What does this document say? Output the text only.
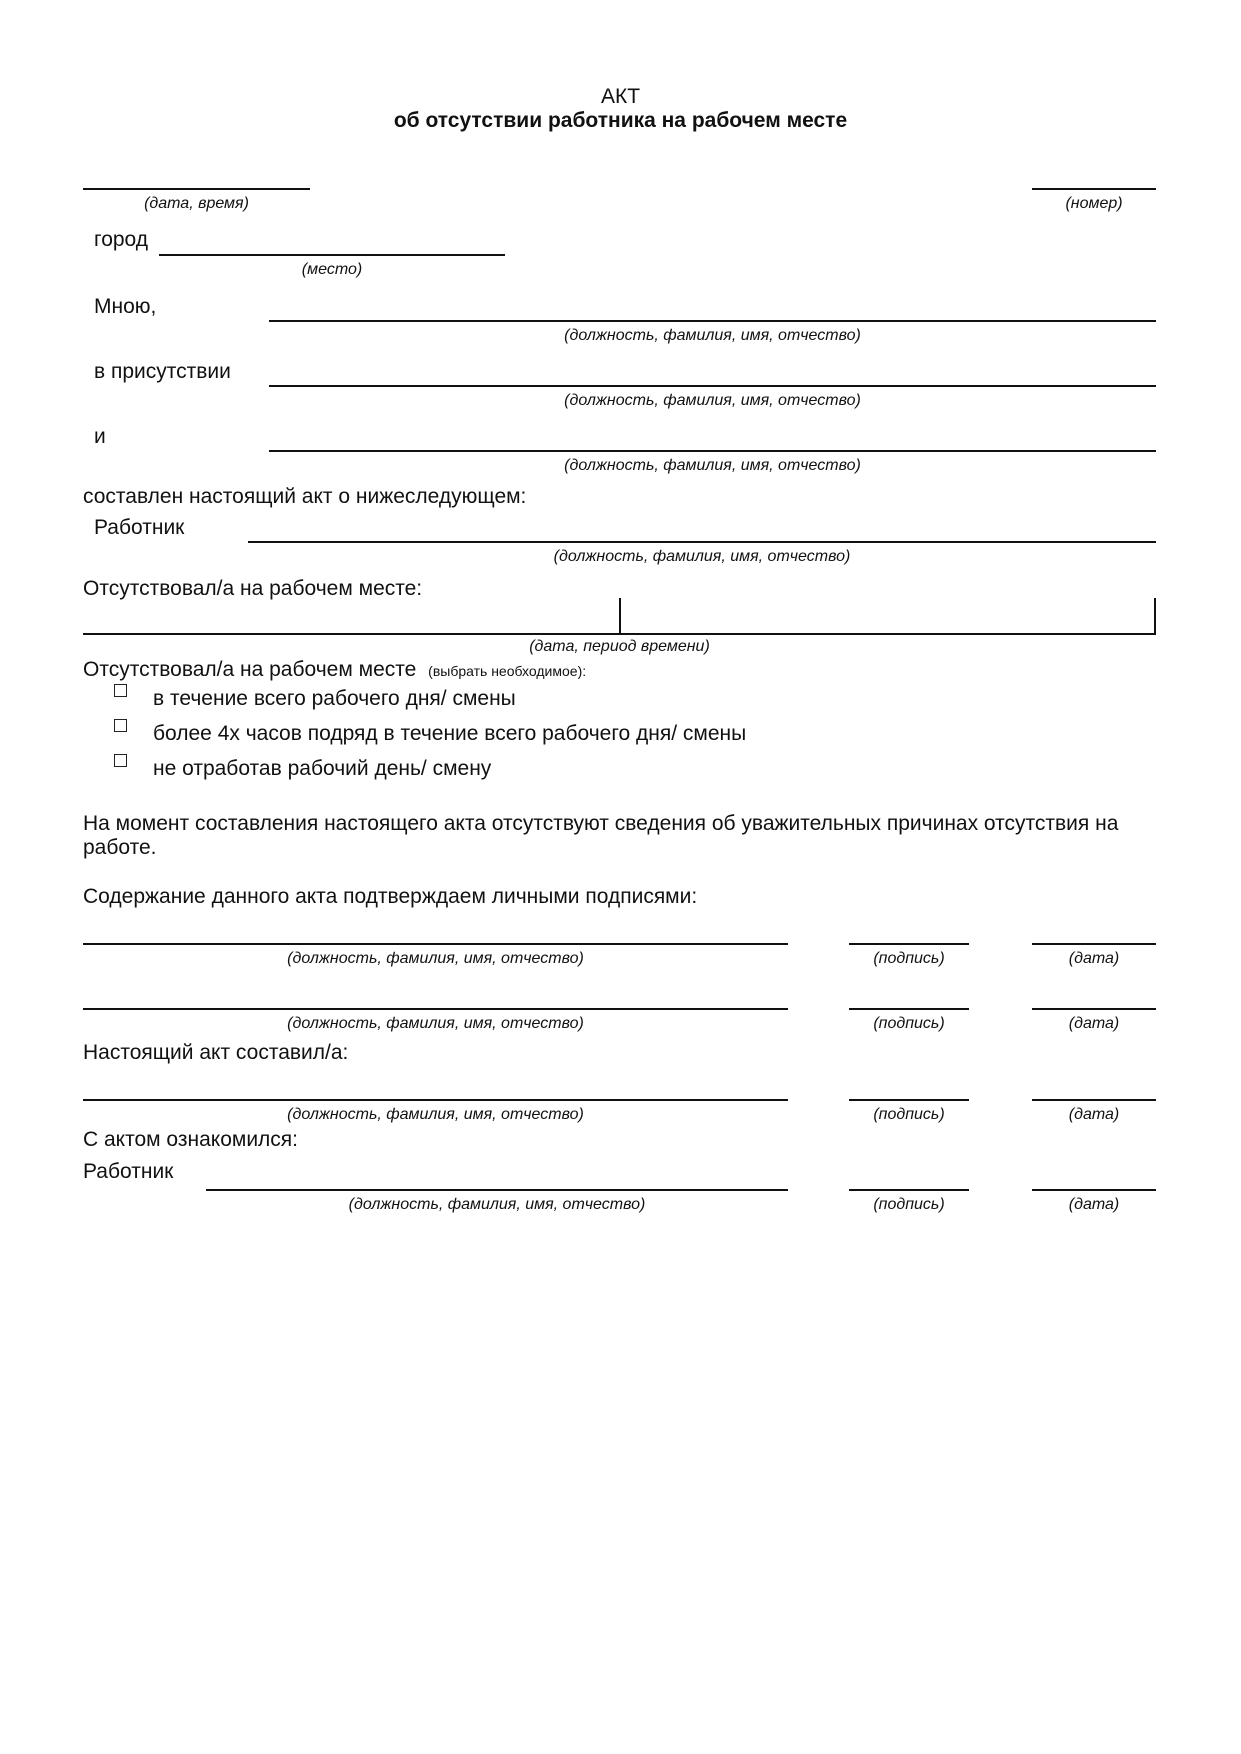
АКТ
об отсутствии работника на рабочем месте
(дата, время)	(номер)
город
(место)
Мною,
(должность, фамилия, имя, отчество)
в присутствии
(должность, фамилия, имя, отчество)
и
(должность, фамилия, имя, отчество)
составлен настоящий акт о нижеследующем:
Работник
(должность, фамилия, имя, отчество)
Отсутствовал/а на рабочем месте:
(дата, период времени)
Отсутствовал/а на рабочем месте (выбрать необходимое):
в течение всего рабочего дня/ смены
более 4х часов подряд в течение всего рабочего дня/ смены
не отработав рабочий день/ смену
На момент составления настоящего акта отсутствуют сведения об уважительных причинах отсутствия на
работе.
Содержание данного акта подтверждаем личными подписями:
(должность, фамилия, имя, отчество)	(подпись)	(дата)
(должность, фамилия, имя, отчество)	(подпись)	(дата)
Настоящий акт составил/а:
(должность, фамилия, имя, отчество)	(подпись)	(дата)
С актом ознакомился:
Работник
(должность, фамилия, имя, отчество)	(подпись)	(дата)
